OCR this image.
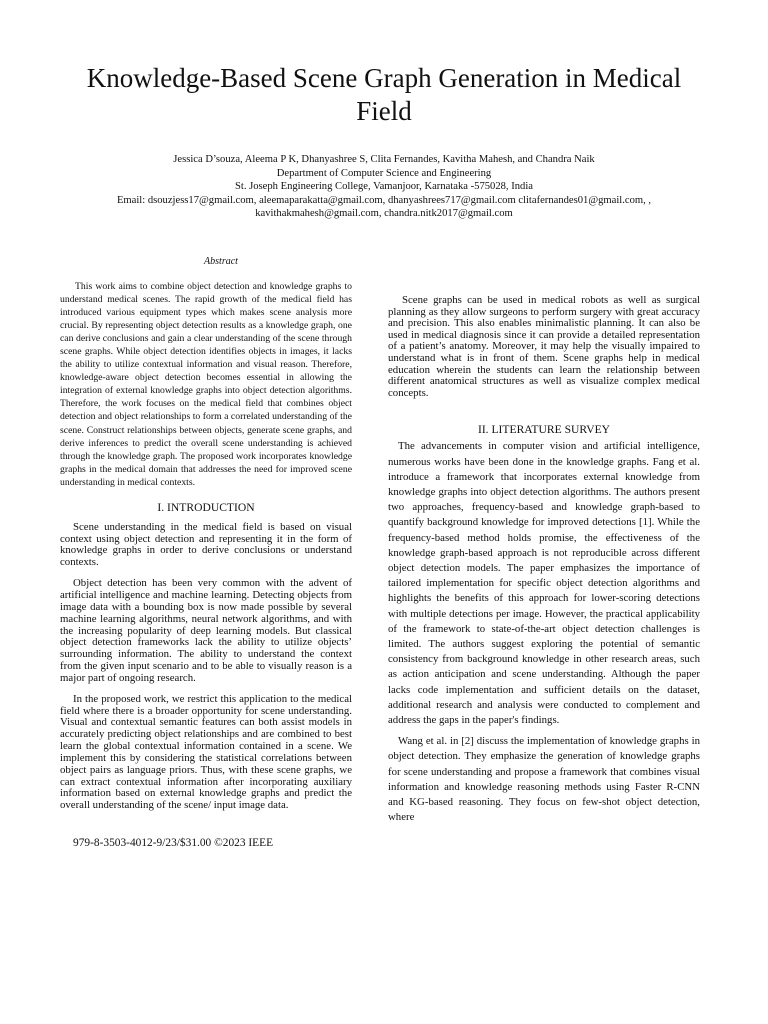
Knowledge-Based Scene Graph Generation in Medical Field
Jessica D’souza, Aleema P K, Dhanyashree S, Clita Fernandes, Kavitha Mahesh, and Chandra Naik
Department of Computer Science and Engineering
St. Joseph Engineering College, Vamanjoor, Karnataka -575028, India
Email: dsouzjess17@gmail.com, aleemaparakatta@gmail.com, dhanyashrees717@gmail.com clitafernandes01@gmail.com, ,
kavithakmahesh@gmail.com, chandra.nitk2017@gmail.com
Abstract

This work aims to combine object detection and knowledge graphs to understand medical scenes. The rapid growth of the medical field has introduced various equipment types which makes scene analysis more crucial. By representing object detection results as a knowledge graph, one can derive conclusions and gain a clear understanding of the scene through scene graphs. While object detection identifies objects in images, it lacks the ability to utilize contextual information and visual reason. Therefore, knowledge-aware object detection becomes essential in allowing the integration of external knowledge graphs into object detection algorithms. Therefore, the work focuses on the medical field that combines object detection and object relationships to form a correlated understanding of the scene. Construct relationships between objects, generate scene graphs, and derive inferences to predict the overall scene understanding is achieved through the knowledge graph. The proposed work incorporates knowledge graphs in the medical domain that addresses the need for improved scene understanding in medical contexts.

I. INTRODUCTION

Scene understanding in the medical field is based on visual context using object detection and representing it in the form of knowledge graphs in order to derive conclusions or understand contexts.

Object detection has been very common with the advent of artificial intelligence and machine learning. Detecting objects from image data with a bounding box is now made possible by several machine learning algorithms, neural network algorithms, and with the increasing popularity of deep learning models. But classical object detection frameworks lack the ability to utilize objects’ surrounding information. The ability to understand the context from the given input scenario and to be able to visually reason is a major part of ongoing research.

In the proposed work, we restrict this application to the medical field where there is a broader opportunity for scene understanding. Visual and contextual semantic features can both assist models in accurately predicting object relationships and are combined to best learn the global contextual information contained in a scene. We implement this by considering the statistical correlations between object pairs as language priors. Thus, with these scene graphs, we can extract contextual information after incorporating auxiliary information based on external knowledge graphs and predict the overall understanding of the scene/ input image data.

979-8-3503-4012-9/23/$31.00 ©2023 IEEE

Scene graphs can be used in medical robots as well as surgical planning as they allow surgeons to perform surgery with great accuracy and precision. This also enables minimalistic planning. It can also be used in medical diagnosis since it can provide a detailed representation of a patient’s anatomy. Moreover, it may help the visually impaired to understand what is in front of them. Scene graphs help in medical education wherein the students can learn the relationship between different anatomical structures as well as visualize complex medical concepts.

II. LITERATURE SURVEY

The advancements in computer vision and artificial intelligence, numerous works have been done in the knowledge graphs. Fang et al. introduce a framework that incorporates external knowledge from knowledge graphs into object detection algorithms. The authors present two approaches, frequency-based and knowledge graph-based to quantify background knowledge for improved detections [1]. While the frequency-based method holds promise, the effectiveness of the knowledge graph-based approach is not reproducible across different object detection models. The paper emphasizes the importance of tailored implementation for specific object detection algorithms and highlights the benefits of this approach for lower-scoring detections with multiple detections per image. However, the practical applicability of the framework to state-of-the-art object detection challenges is limited. The authors suggest exploring the potential of semantic consistency from background knowledge in other research areas, such as action anticipation and scene understanding. Although the paper lacks code implementation and sufficient details on the dataset, additional research and analysis were conducted to complement and address the gaps in the paper's findings.

Wang et al. in [2] discuss the implementation of knowledge graphs in object detection. They emphasize the generation of knowledge graphs for scene understanding and propose a framework that combines visual information and knowledge reasoning methods using Faster R-CNN and KG-based reasoning. They focus on few-shot object detection, where
